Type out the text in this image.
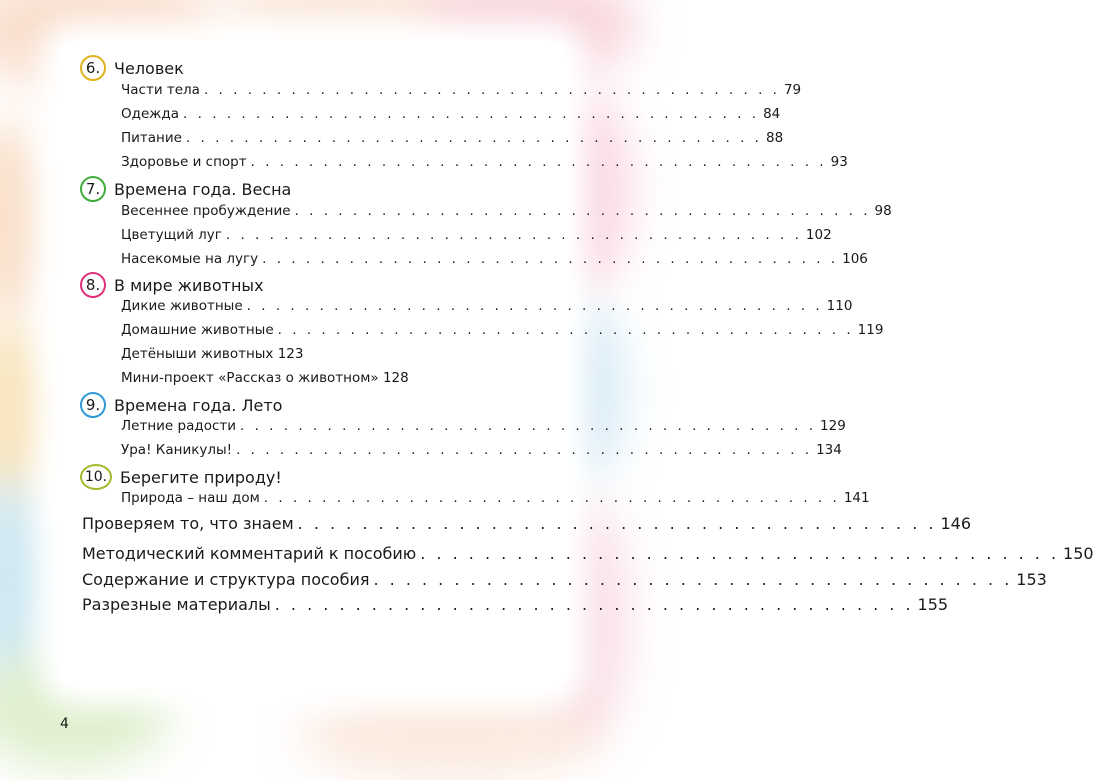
6. Человек
Части тела . . . . . . . . . . . . . . . . . . . . . . . . . . . . . . . . . . . . . . . . 79
Одежда . . . . . . . . . . . . . . . . . . . . . . . . . . . . . . . . . . . . . . . . 84
Питание . . . . . . . . . . . . . . . . . . . . . . . . . . . . . . . . . . . . . . . . 88
Здоровье и спорт . . . . . . . . . . . . . . . . . . . . . . . . . . . . . . . . . . . . . . . . 93
7. Времена года. Весна
Весеннее пробуждение . . . . . . . . . . . . . . . . . . . . . . . . . . . . . . . . . . . . . . . . 98
Цветущий луг . . . . . . . . . . . . . . . . . . . . . . . . . . . . . . . . . . . . . . . . 102
Насекомые на лугу . . . . . . . . . . . . . . . . . . . . . . . . . . . . . . . . . . . . . . . . 106
8. В мире животных
Дикие животные . . . . . . . . . . . . . . . . . . . . . . . . . . . . . . . . . . . . . . . . 110
Домашние животные . . . . . . . . . . . . . . . . . . . . . . . . . . . . . . . . . . . . . . . . 119
Детёныши животных 123
Мини-проект «Рассказ о животном» 128
9. Времена года. Лето
Летние радости . . . . . . . . . . . . . . . . . . . . . . . . . . . . . . . . . . . . . . . . 129
Ура! Каникулы! . . . . . . . . . . . . . . . . . . . . . . . . . . . . . . . . . . . . . . . . 134
10. Берегите природу!
Природа – наш дом . . . . . . . . . . . . . . . . . . . . . . . . . . . . . . . . . . . . . . . . 141
Проверяем то, что знаем . . . . . . . . . . . . . . . . . . . . . . . . . . . . . . . . . . . . . . . . 146
Методический комментарий к пособию . . . . . . . . . . . . . . . . . . . . . . . . . . . . . . . . . . . . . . . . 150
Содержание и структура пособия . . . . . . . . . . . . . . . . . . . . . . . . . . . . . . . . . . . . . . . . 153
Разрезные материалы . . . . . . . . . . . . . . . . . . . . . . . . . . . . . . . . . . . . . . . . 155
4
